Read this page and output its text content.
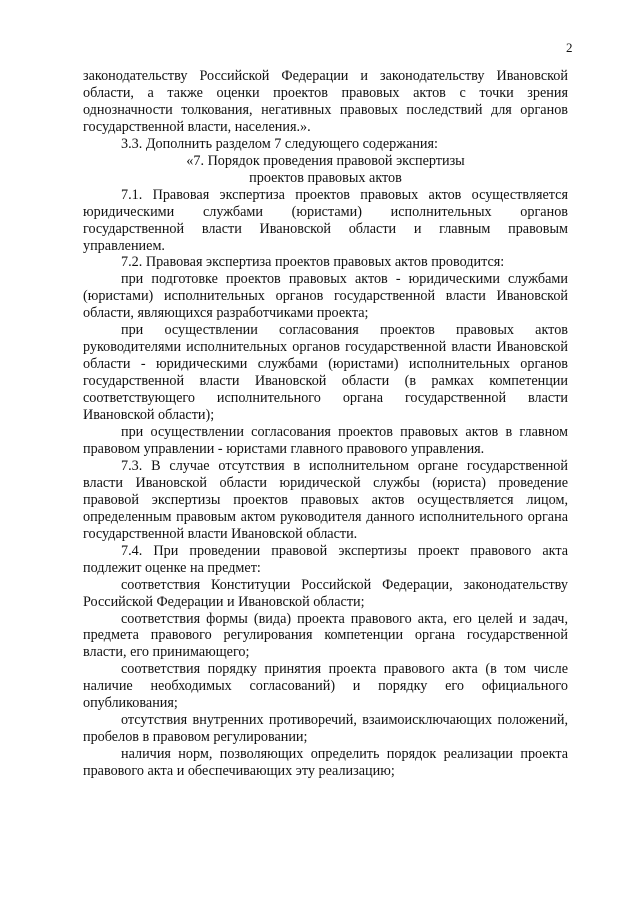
2

законодательству Российской Федерации и законодательству Ивановской области, а также оценки проектов правовых актов с точки зрения однозначности толкования, негативных правовых последствий для органов государственной власти, населения.».

3.3. Дополнить разделом 7 следующего содержания:

«7. Порядок проведения правовой экспертизы

проектов правовых актов

7.1. Правовая экспертиза проектов правовых актов осуществляется юридическими службами (юристами) исполнительных органов государственной власти Ивановской области и главным правовым управлением.

7.2. Правовая экспертиза проектов правовых актов проводится:

при подготовке проектов правовых актов - юридическими службами (юристами) исполнительных органов государственной власти Ивановской области, являющихся разработчиками проекта;

при осуществлении согласования проектов правовых актов руководителями исполнительных органов государственной власти Ивановской области - юридическими службами (юристами) исполнительных органов государственной власти Ивановской области (в рамках компетенции соответствующего исполнительного органа государственной власти Ивановской области);

при осуществлении согласования проектов правовых актов в главном правовом управлении - юристами главного правового управления.

7.3. В случае отсутствия в исполнительном органе государственной власти Ивановской области юридической службы (юриста) проведение правовой экспертизы проектов правовых актов осуществляется лицом, определенным правовым актом руководителя данного исполнительного органа государственной власти Ивановской области.

7.4. При проведении правовой экспертизы проект правового акта подлежит оценке на предмет:

соответствия Конституции Российской Федерации, законодательству Российской Федерации и Ивановской области;

соответствия формы (вида) проекта правового акта, его целей и задач, предмета правового регулирования компетенции органа государственной власти, его принимающего;

соответствия порядку принятия проекта правового акта (в том числе наличие необходимых согласований) и порядку его официального опубликования;

отсутствия внутренних противоречий, взаимоисключающих положений, пробелов в правовом регулировании;

наличия норм, позволяющих определить порядок реализации проекта правового акта и обеспечивающих эту реализацию;
